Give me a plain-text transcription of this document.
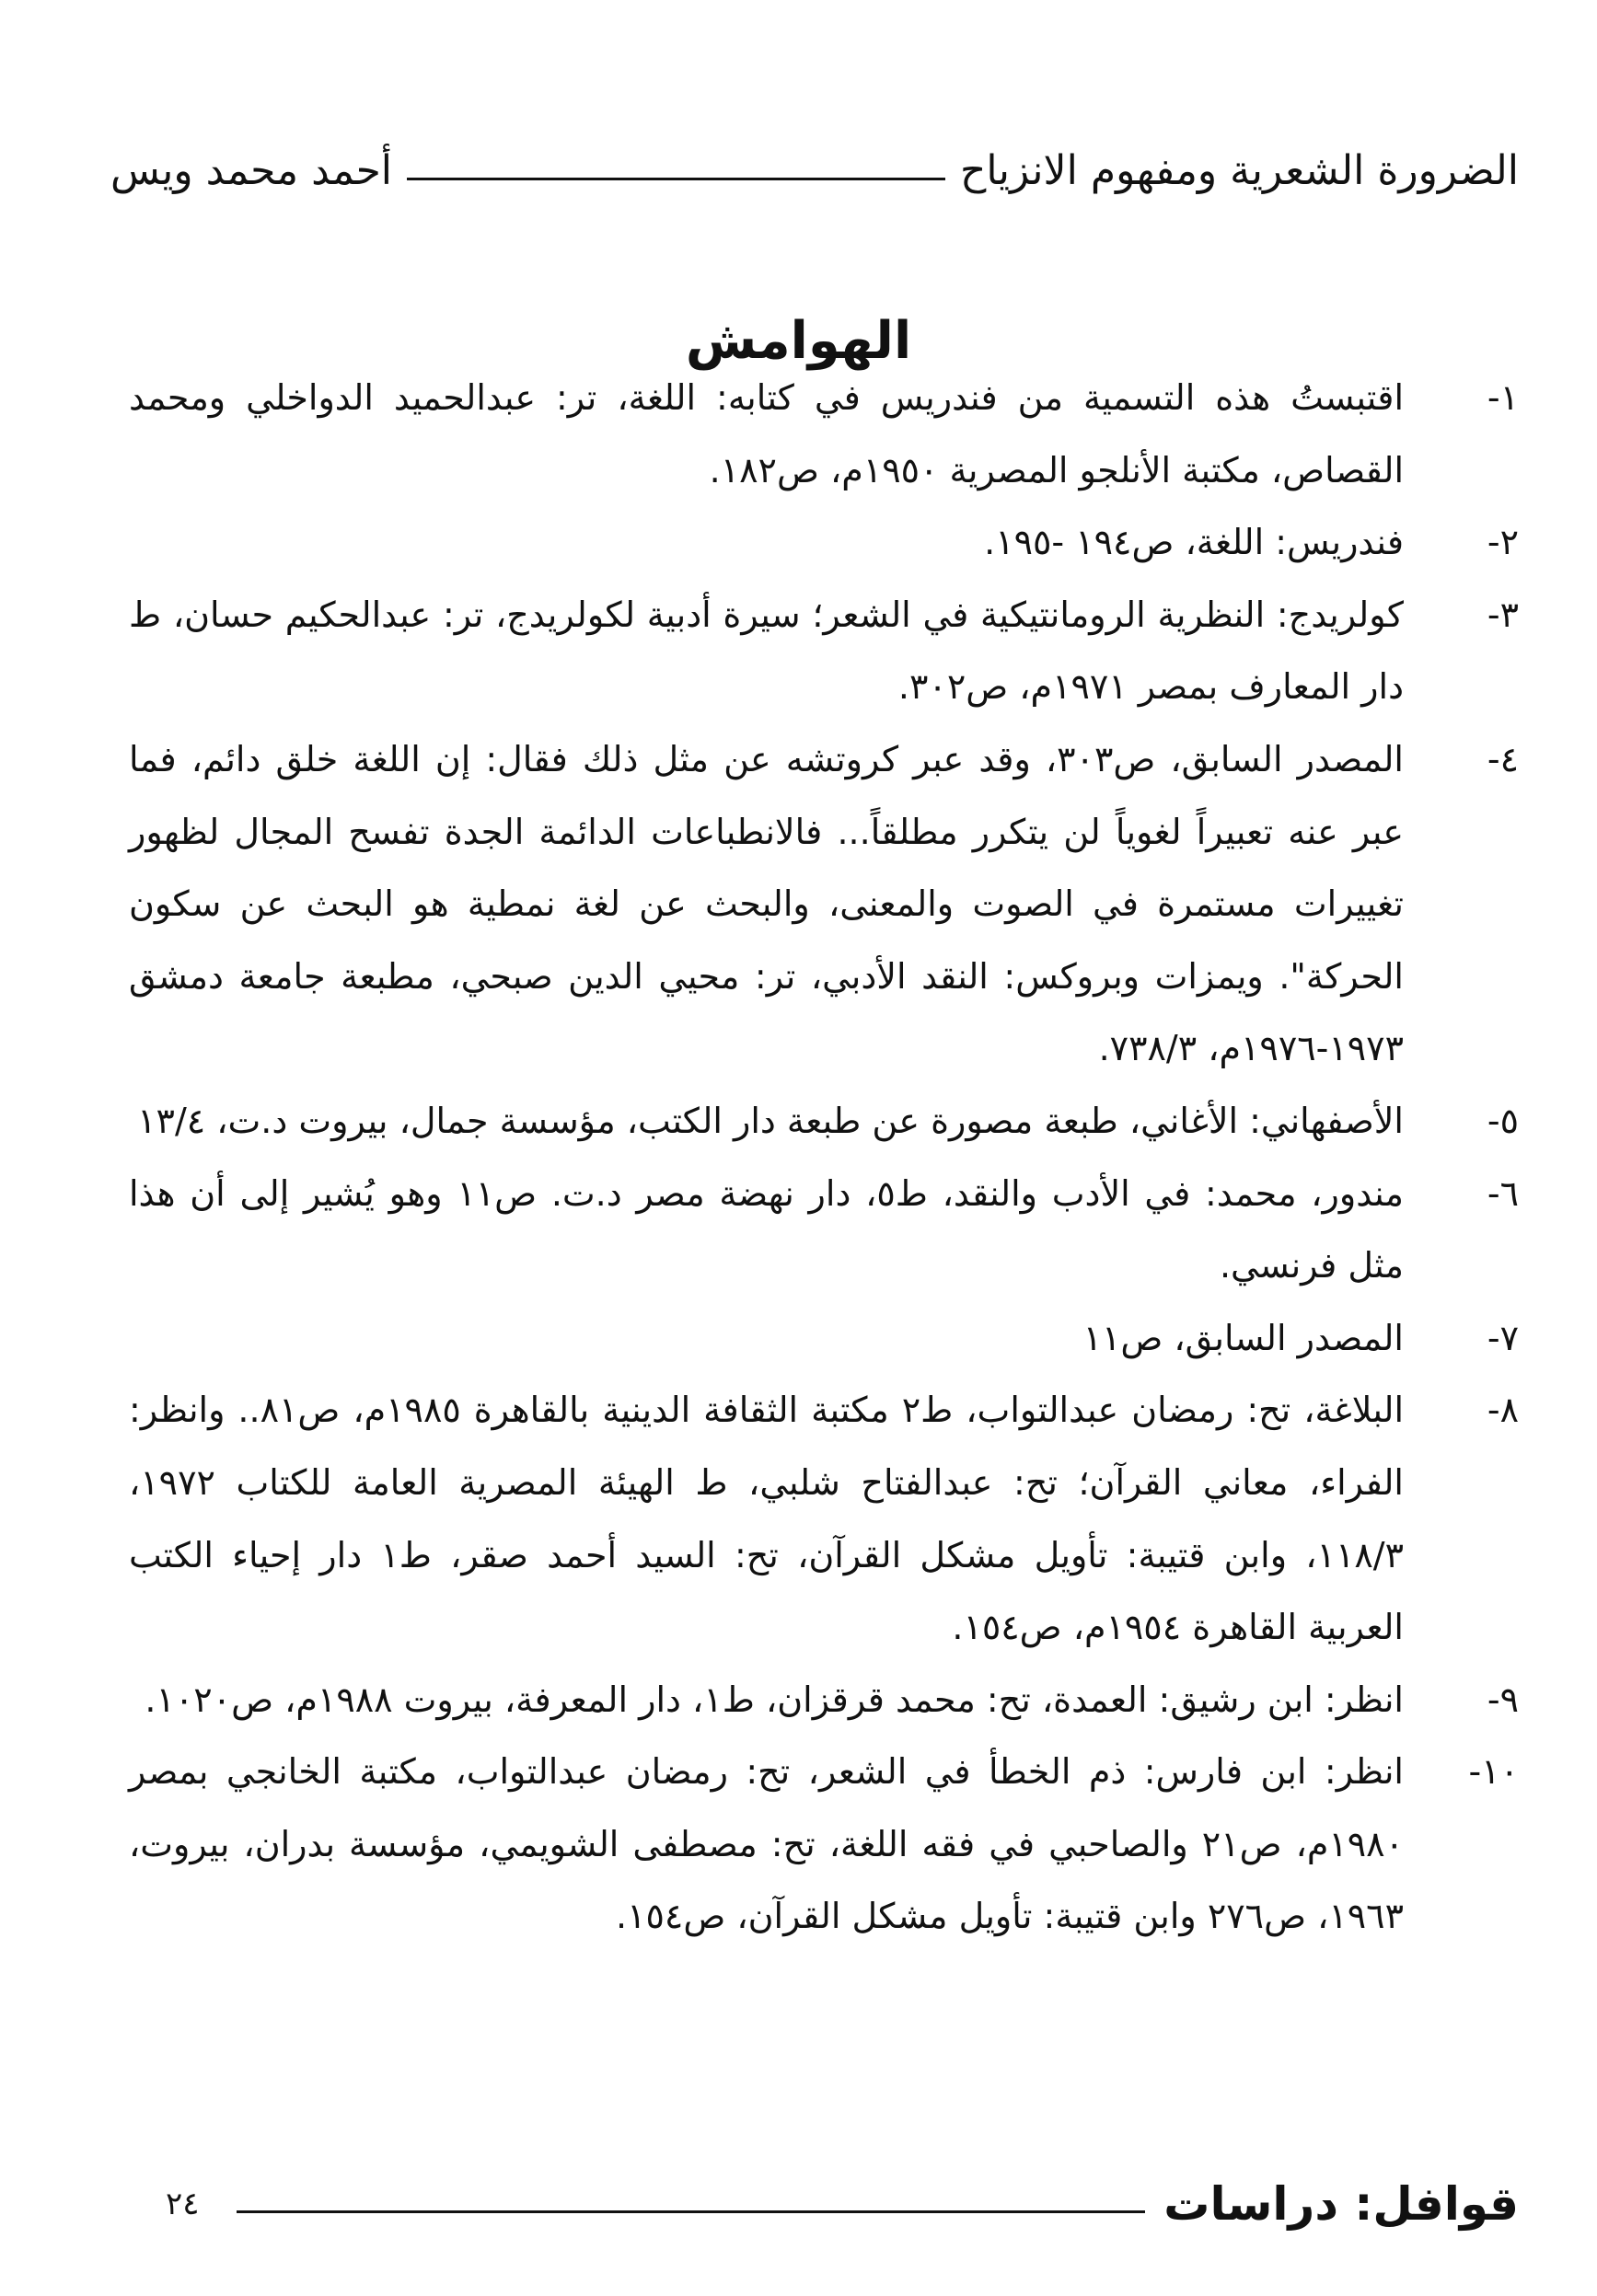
الضرورة الشعرية ومفهوم الانزياح
أحمد محمد ويس
الهوامش
١-
اقتبستُ هذه التسمية من فندريس في كتابه: اللغة، تر: عبدالحميد الدواخلي ومحمد القصاص، مكتبة الأنلجو المصرية ١٩٥٠م، ص١٨٢.
٢-
فندريس: اللغة، ص١٩٤ -١٩٥.
٣-
كولريدج: النظرية الرومانتيكية في الشعر؛ سيرة أدبية لكولريدج، تر: عبدالحكيم حسان، ط دار المعارف بمصر ١٩٧١م، ص٣٠٢.
٤-
المصدر السابق، ص٣٠٣، وقد عبر كروتشه عن مثل ذلك فقال: إن اللغة خلق دائم، فما عبر عنه تعبيراً لغوياً لن يتكرر مطلقاً... فالانطباعات الدائمة الجدة تفسح المجال لظهور تغييرات مستمرة في الصوت والمعنى، والبحث عن لغة نمطية هو البحث عن سكون الحركة". ويمزات وبروكس: النقد الأدبي، تر: محيي الدين صبحي، مطبعة جامعة دمشق ١٩٧٣-١٩٧٦م، ٧٣٨/٣.
٥-
الأصفهاني: الأغاني، طبعة مصورة عن طبعة دار الكتب، مؤسسة جمال، بيروت د.ت، ١٣/٤
٦-
مندور، محمد: في الأدب والنقد، ط٥، دار نهضة مصر د.ت. ص١١ وهو يُشير إلى أن هذا مثل فرنسي.
٧-
المصدر السابق، ص١١
٨-
البلاغة، تح: رمضان عبدالتواب، ط٢ مكتبة الثقافة الدينية بالقاهرة ١٩٨٥م، ص٨١.. وانظر: الفراء، معاني القرآن؛ تح: عبدالفتاح شلبي، ط الهيئة المصرية العامة للكتاب ١٩٧٢، ١١٨/٣، وابن قتيبة: تأويل مشكل القرآن، تح: السيد أحمد صقر، ط١ دار إحياء الكتب العربية القاهرة ١٩٥٤م، ص١٥٤.
٩-
انظر: ابن رشيق: العمدة، تح: محمد قرقزان، ط١، دار المعرفة، بيروت ١٩٨٨م، ص١٠٢٠.
١٠-
انظر: ابن فارس: ذم الخطأ في الشعر، تح: رمضان عبدالتواب، مكتبة الخانجي بمصر ١٩٨٠م، ص٢١ والصاحبي في فقه اللغة، تح: مصطفى الشويمي، مؤسسة بدران، بيروت، ١٩٦٣، ص٢٧٦ وابن قتيبة: تأويل مشكل القرآن، ص١٥٤.
قوافل: دراسات
٢٤
